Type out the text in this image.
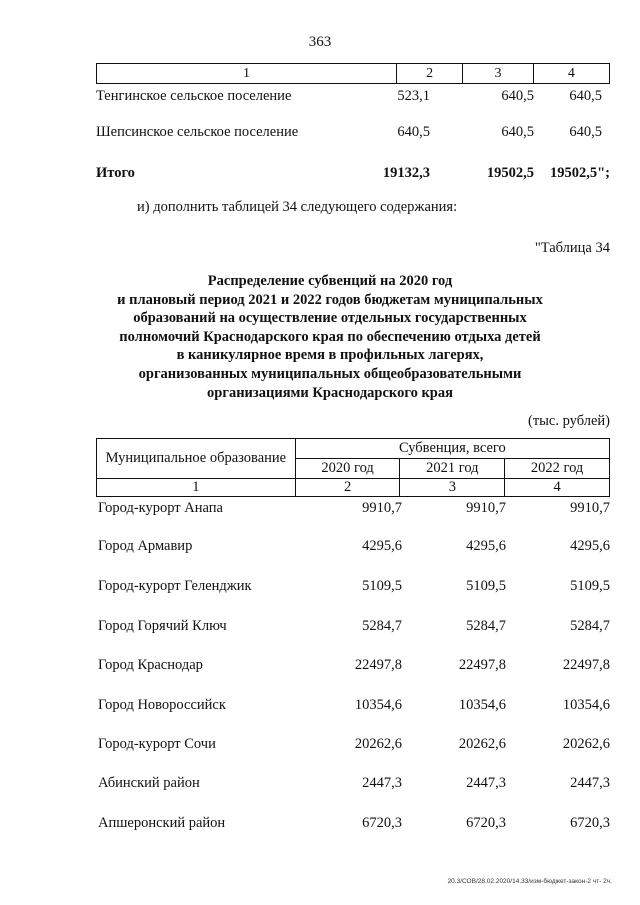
363
1	2	3	4
Тенгинское сельское поселение	523,1	640,5 640,5
Шепсинское сельское поселение	640,5	640,5 640,5
Итого	19132,3	19502,5 19502,5";
и) дополнить таблицей 34 следующего содержания:
"Таблица 34
Распределение субвенций на 2020 год
и плановый период 2021 и 2022 годов бюджетам муниципальных
образований на осуществление отдельных государственных
полномочий Краснодарского края по обеспечению отдыха детей
в каникулярное время в профильных лагерях,
организованных муниципальных общеобразовательными
организациями Краснодарского края
(тыс. рублей)
Муниципальное образование	Субвенция, всего		
	2020 год	2021 год	2022 год
1	2	3	4
Город-курорт Анапа	9910,7	9910,7	9910,7
Город Армавир	4295,6	4295,6	4295,6
Город-курорт Геленджик	5109,5	5109,5	5109,5
Город Горячий Ключ	5284,7	5284,7	5284,7
Город Краснодар	22497,8	22497,8	22497,8
Город Новороссийск	10354,6	10354,6	10354,6
Город-курорт Сочи	20262,6	20262,6	20262,6
Абинский район	2447,3	2447,3	2447,3
Апшеронский район	6720,3	6720,3	6720,3
20.3/СОВ/28.02.2020/14.33/изм-бюджет-закон-2 чт- 2ч.
